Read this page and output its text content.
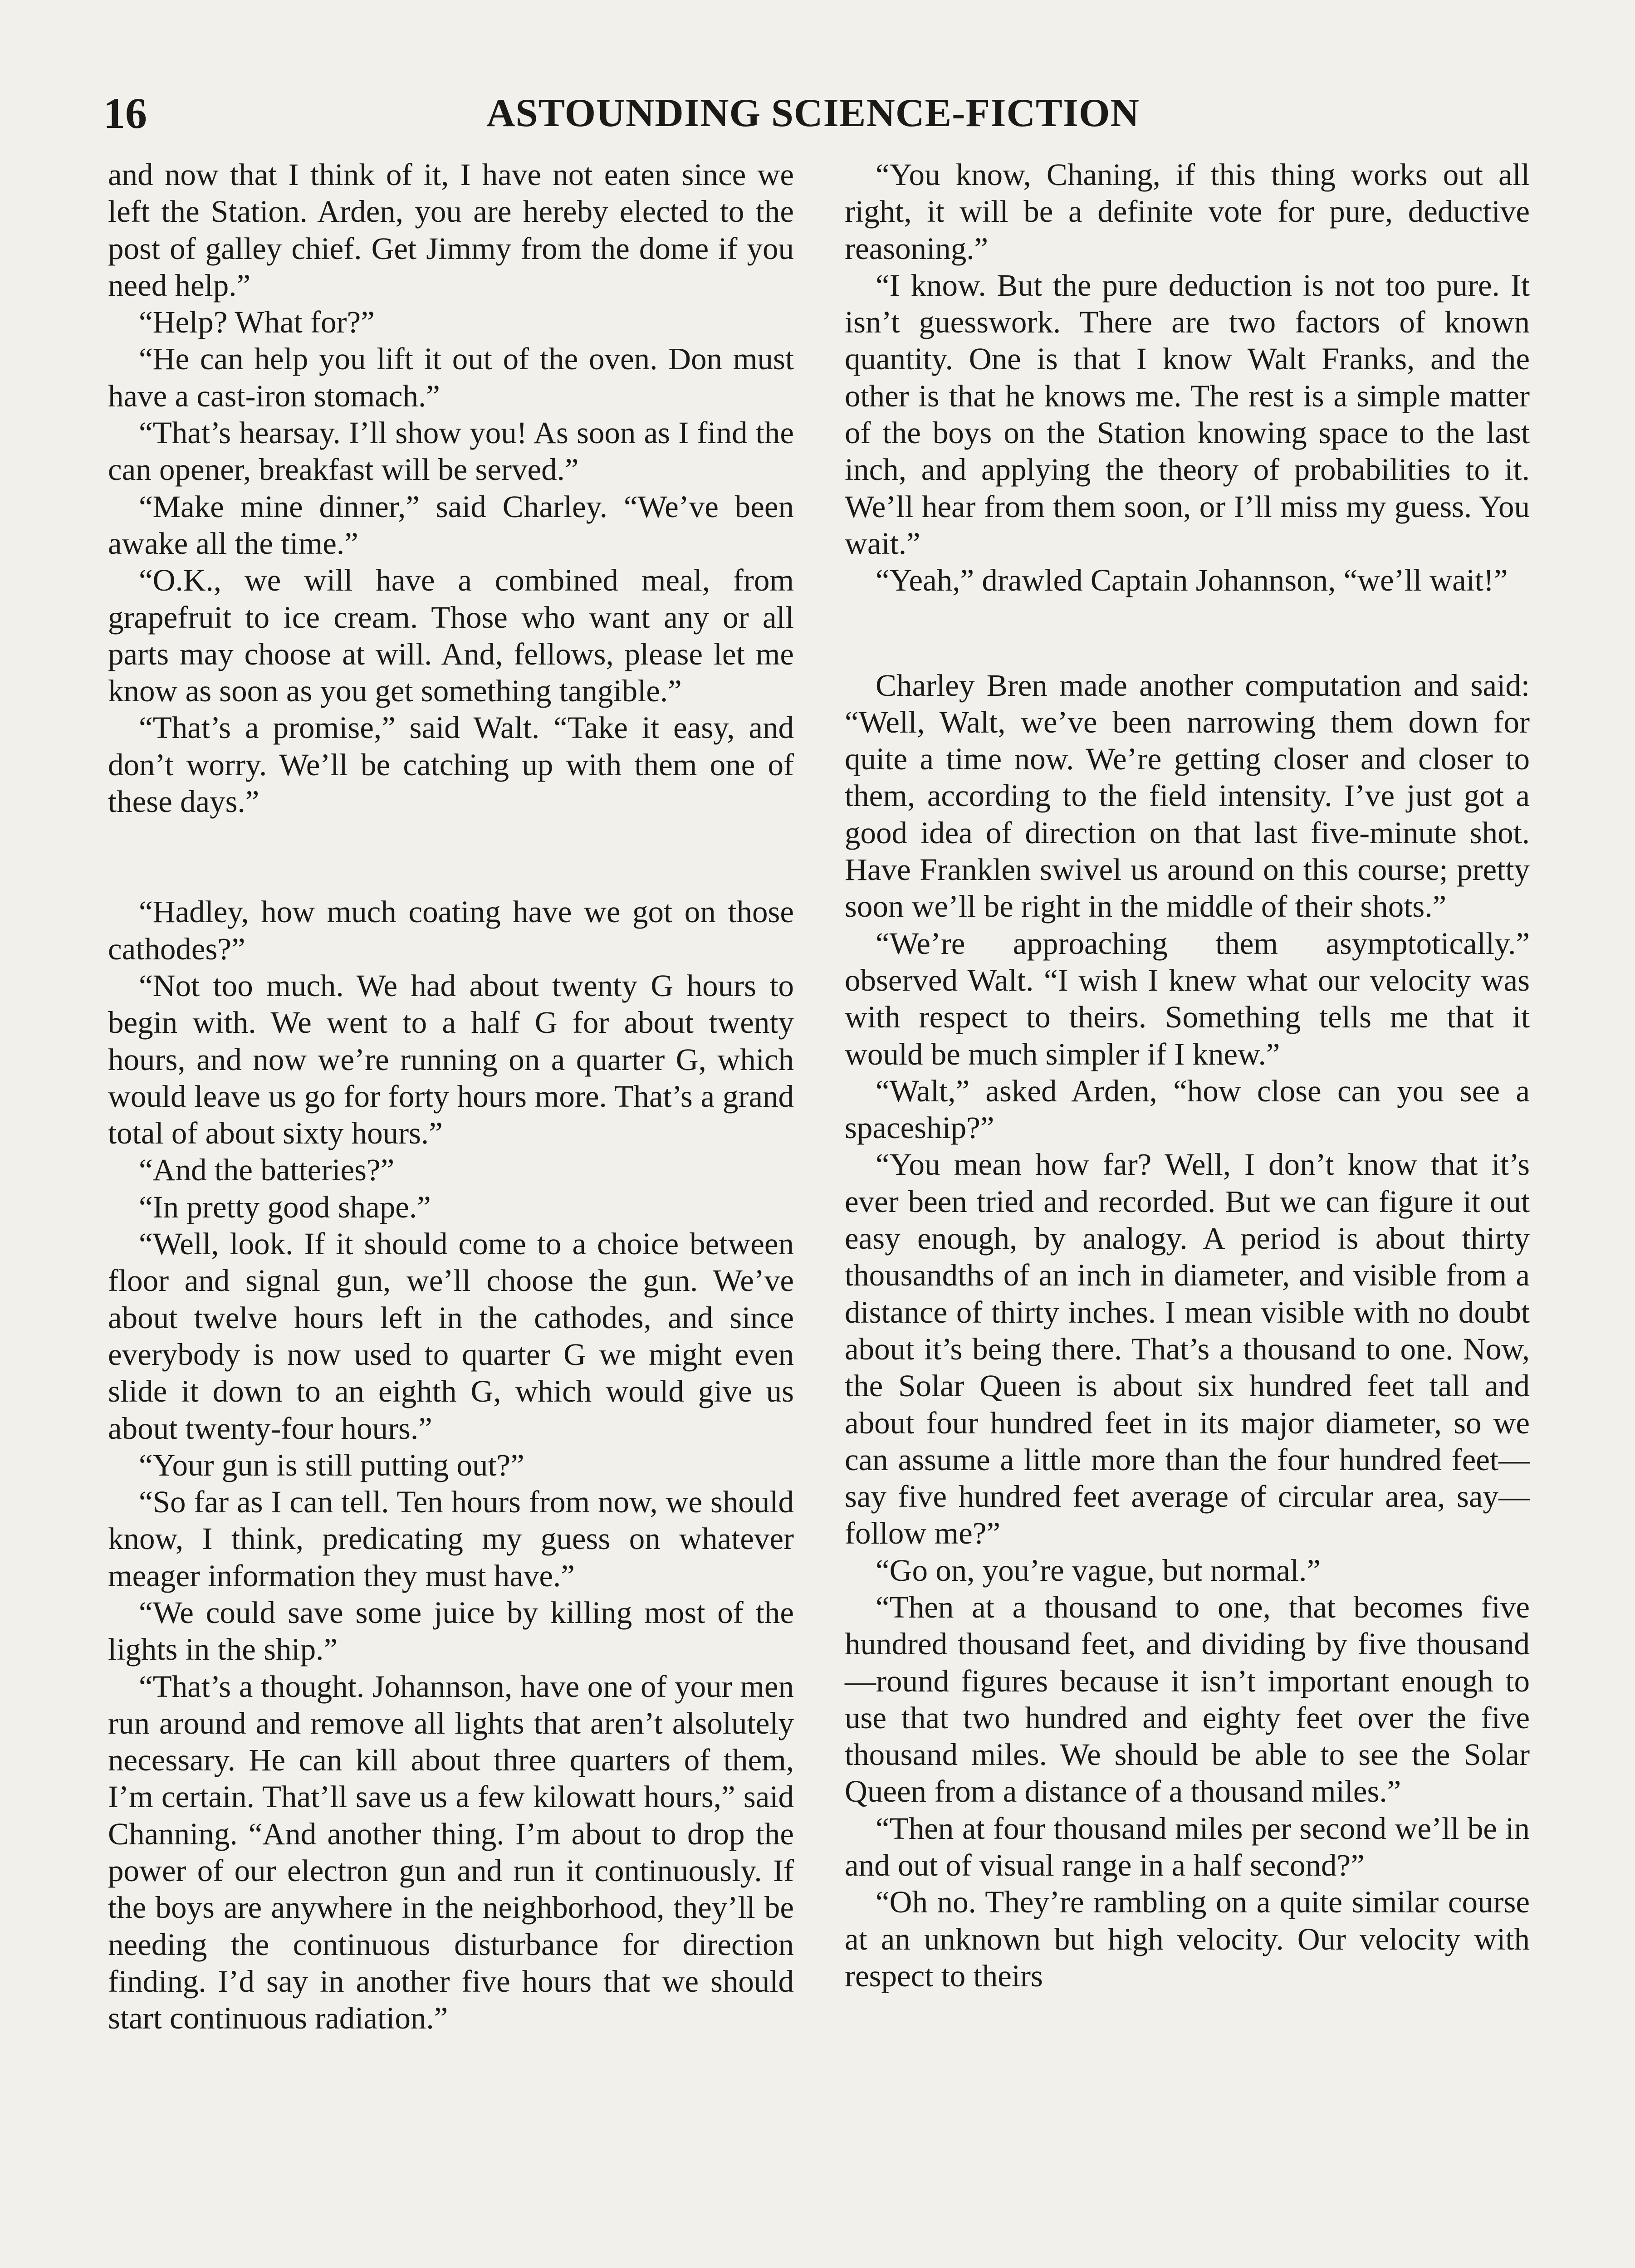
16	ASTOUNDING SCIENCE-FICTION

and now that I think of it, I have not eaten since we left the Station. Arden, you are hereby elected to the post of galley chief. Get Jimmy from the dome if you need help.”

“Help? What for?”

“He can help you lift it out of the oven. Don must have a cast-iron stomach.”

“That’s hearsay. I’ll show you! As soon as I find the can opener, breakfast will be served.”

“Make mine dinner,” said Charley. “We’ve been awake all the time.”

“O.K., we will have a combined meal, from grapefruit to ice cream. Those who want any or all parts may choose at will. And, fellows, please let me know as soon as you get something tangible.”

“That’s a promise,” said Walt. “Take it easy, and don’t worry. We’ll be catching up with them one of these days.”

“Hadley, how much coating have we got on those cathodes?”

“Not too much. We had about twenty G hours to begin with. We went to a half G for about twenty hours, and now we’re running on a quarter G, which would leave us go for forty hours more. That’s a grand total of about sixty hours.”

“And the batteries?”

“In pretty good shape.”

“Well, look. If it should come to a choice between floor and signal gun, we’ll choose the gun. We’ve about twelve hours left in the cathodes, and since everybody is now used to quarter G we might even slide it down to an eighth G, which would give us about twenty-four hours.”

“Your gun is still putting out?”

“So far as I can tell. Ten hours from now, we should know, I think, predicating my guess on whatever meager information they must have.”

“We could save some juice by killing most of the lights in the ship.”

“That’s a thought. Johannson, have one of your men run around and remove all lights that aren’t alsolutely necessary. He can kill about three quarters of them, I’m certain. That’ll save us a few kilowatt hours,” said Channing. “And another thing. I’m about to drop the power of our electron gun and run it continuously. If the boys are anywhere in the neighborhood, they’ll be needing the continuous disturbance for direction finding. I’d say in another five hours that we should start continuous radiation.”

“You know, Chaning, if this thing works out all right, it will be a definite vote for pure, deductive reasoning.”

“I know. But the pure deduction is not too pure. It isn’t guesswork. There are two factors of known quantity. One is that I know Walt Franks, and the other is that he knows me. The rest is a simple matter of the boys on the Station knowing space to the last inch, and applying the theory of probabilities to it. We’ll hear from them soon, or I’ll miss my guess. You wait.”

“Yeah,” drawled Captain Johannson, “we’ll wait!”

Charley Bren made another computation and said: “Well, Walt, we’ve been narrowing them down for quite a time now. We’re getting closer and closer to them, according to the field intensity. I’ve just got a good idea of direction on that last five-minute shot. Have Franklen swivel us around on this course; pretty soon we’ll be right in the middle of their shots.”

“We’re approaching them asymptotically.” observed Walt. “I wish I knew what our velocity was with respect to theirs. Something tells me that it would be much simpler if I knew.”

“Walt,” asked Arden, “how close can you see a spaceship?”

“You mean how far? Well, I don’t know that it’s ever been tried and recorded. But we can figure it out easy enough, by analogy. A period is about thirty thousandths of an inch in diameter, and visible from a distance of thirty inches. I mean visible with no doubt about it’s being there. That’s a thousand to one. Now, the Solar Queen is about six hundred feet tall and about four hundred feet in its major diameter, so we can assume a little more than the four hundred feet—say five hundred feet average of circular area, say—follow me?”

“Go on, you’re vague, but normal.”

“Then at a thousand to one, that becomes five hundred thousand feet, and dividing by five thousand—round figures because it isn’t important enough to use that two hundred and eighty feet over the five thousand miles. We should be able to see the Solar Queen from a distance of a thousand miles.”

“Then at four thousand miles per second we’ll be in and out of visual range in a half second?”

“Oh no. They’re rambling on a quite similar course at an unknown but high velocity. Our velocity with respect to theirs
